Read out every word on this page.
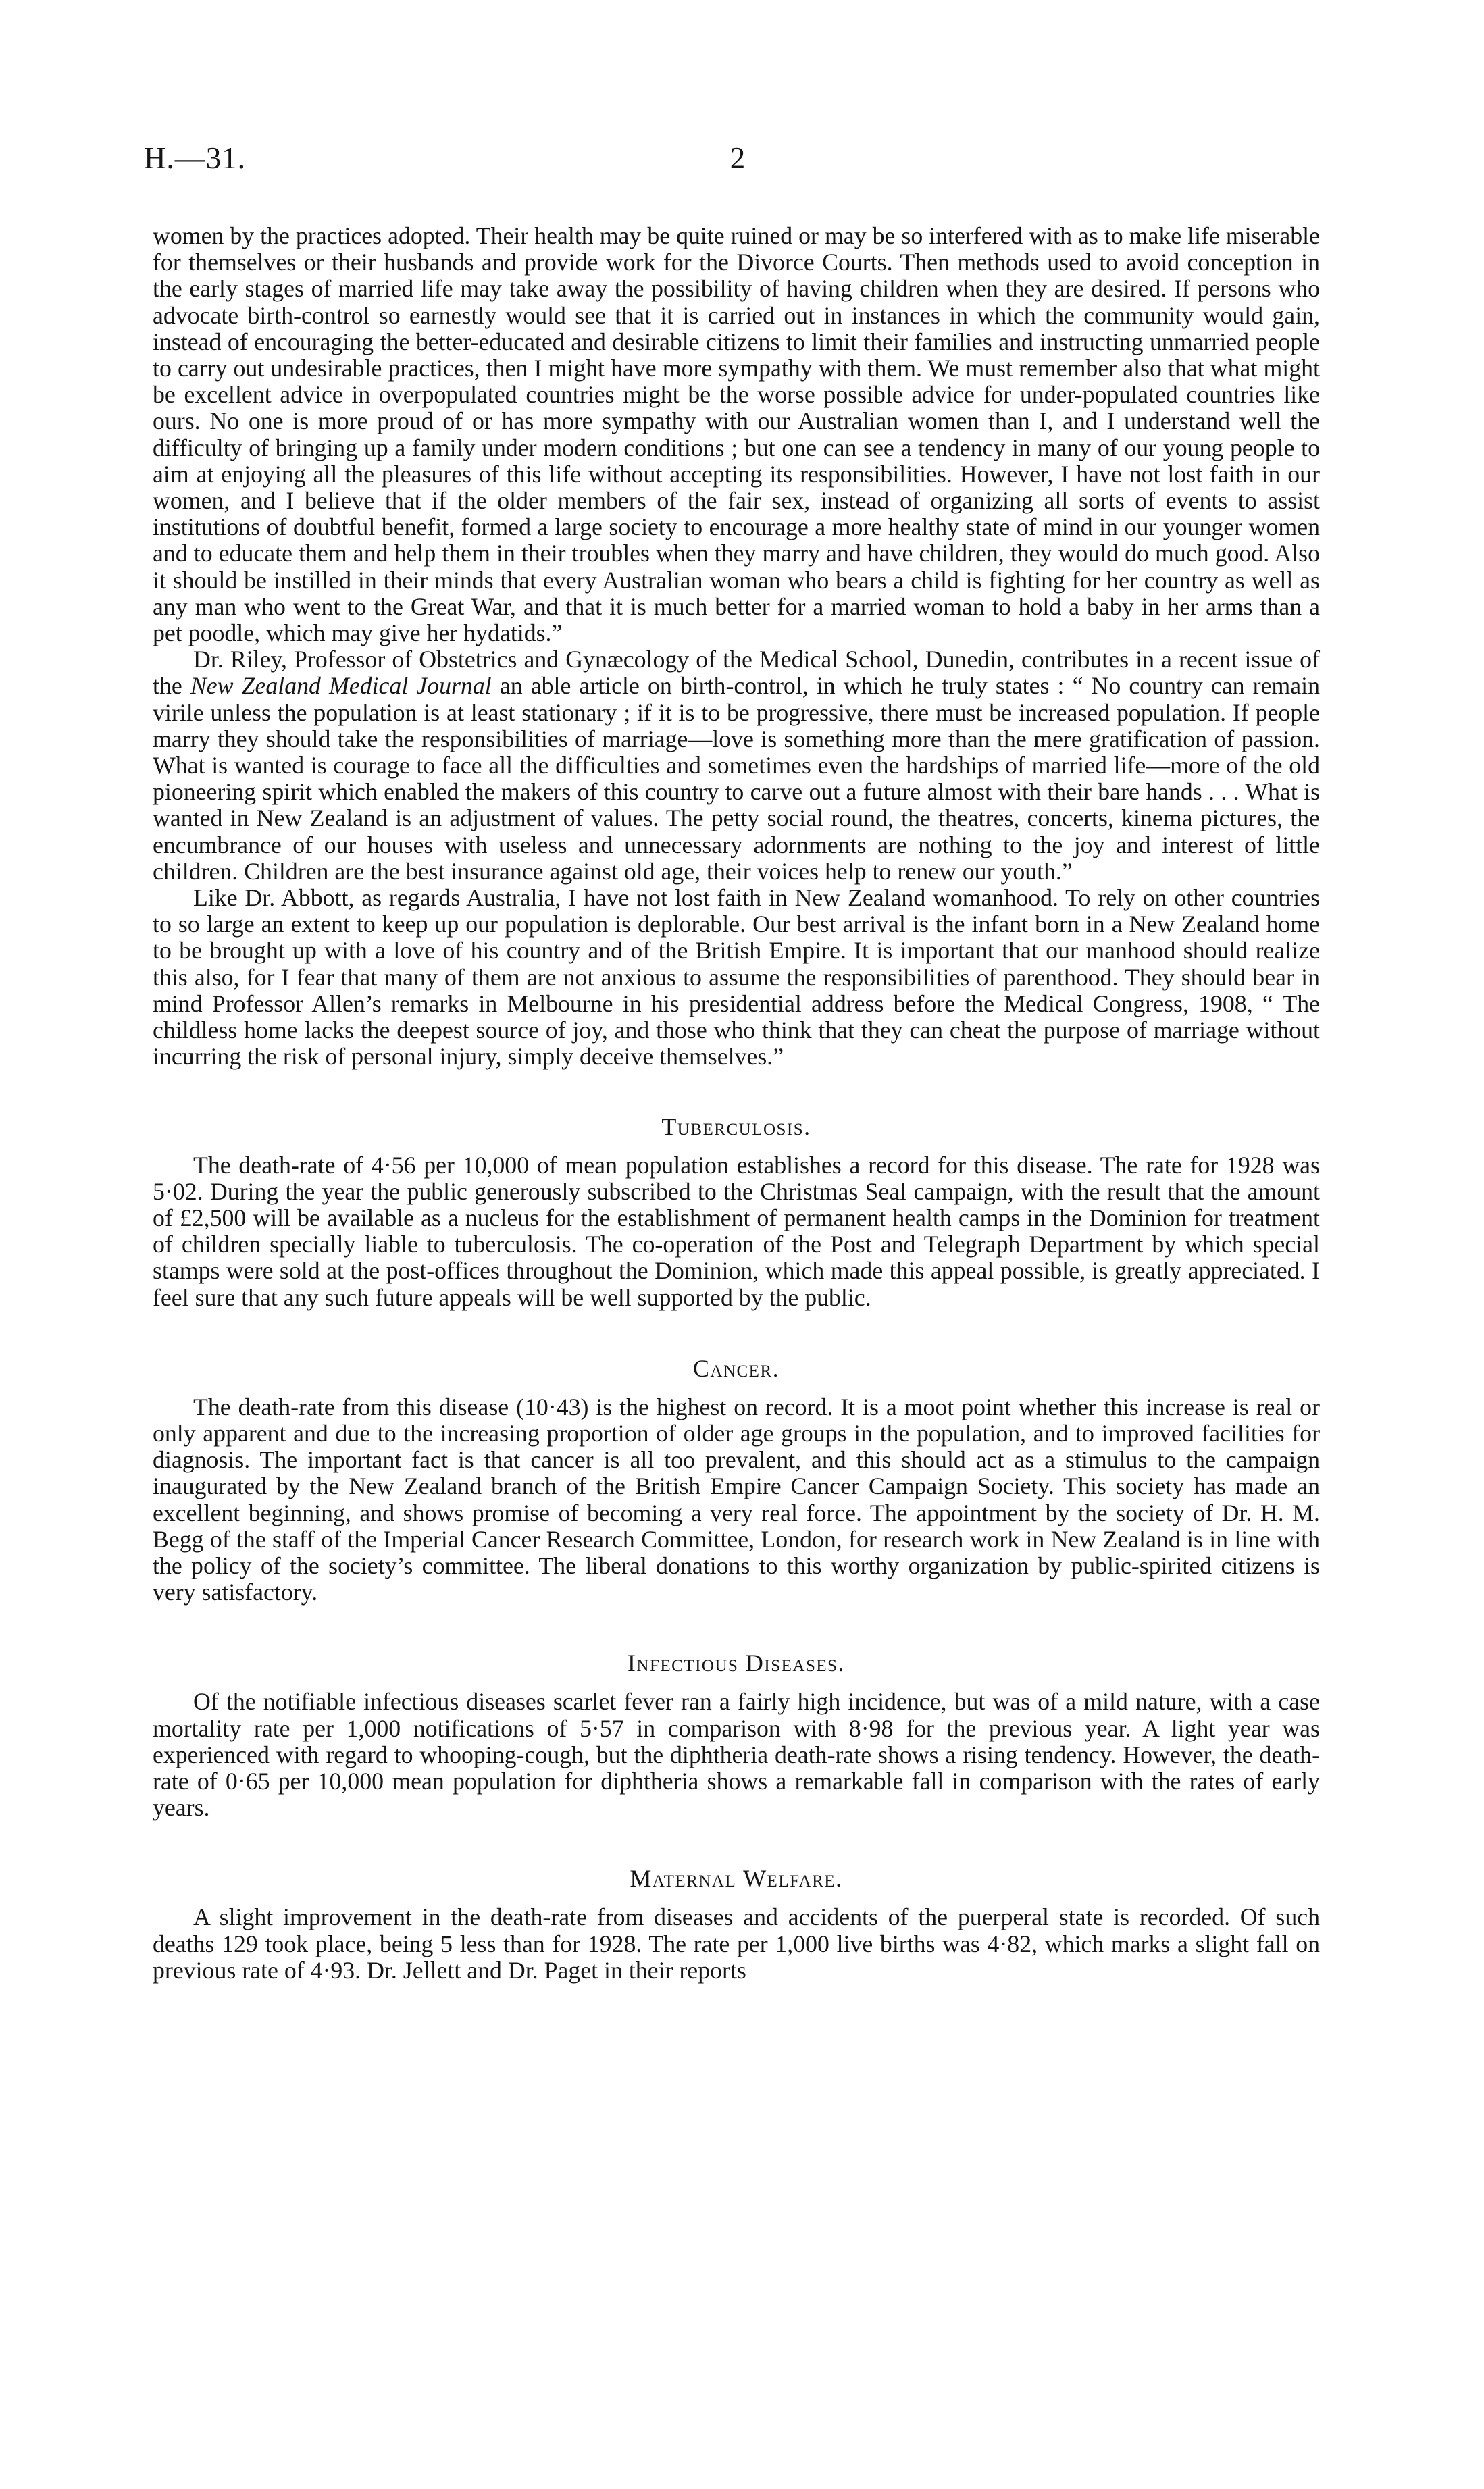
H.—31.	2

women by the practices adopted. Their health may be quite ruined or may be so interfered with as to make life miserable for themselves or their husbands and provide work for the Divorce Courts. Then methods used to avoid conception in the early stages of married life may take away the possibility of having children when they are desired. If persons who advocate birth-control so earnestly would see that it is carried out in instances in which the community would gain, instead of encouraging the better-educated and desirable citizens to limit their families and instructing unmarried people to carry out undesirable practices, then I might have more sympathy with them. We must remember also that what might be excellent advice in overpopulated countries might be the worse possible advice for under-populated countries like ours. No one is more proud of or has more sympathy with our Australian women than I, and I understand well the difficulty of bringing up a family under modern conditions ; but one can see a tendency in many of our young people to aim at enjoying all the pleasures of this life without accepting its responsibilities. However, I have not lost faith in our women, and I believe that if the older members of the fair sex, instead of organizing all sorts of events to assist institutions of doubtful benefit, formed a large society to encourage a more healthy state of mind in our younger women and to educate them and help them in their troubles when they marry and have children, they would do much good. Also it should be instilled in their minds that every Australian woman who bears a child is fighting for her country as well as any man who went to the Great War, and that it is much better for a married woman to hold a baby in her arms than a pet poodle, which may give her hydatids.”

Dr. Riley, Professor of Obstetrics and Gynæcology of the Medical School, Dunedin, contributes in a recent issue of the New Zealand Medical Journal an able article on birth-control, in which he truly states : “ No country can remain virile unless the population is at least stationary ; if it is to be progressive, there must be increased population. If people marry they should take the responsibilities of marriage—love is something more than the mere gratification of passion. What is wanted is courage to face all the difficulties and sometimes even the hardships of married life—more of the old pioneering spirit which enabled the makers of this country to carve out a future almost with their bare hands . . . What is wanted in New Zealand is an adjustment of values. The petty social round, the theatres, concerts, kinema pictures, the encumbrance of our houses with useless and unnecessary adornments are nothing to the joy and interest of little children. Children are the best insurance against old age, their voices help to renew our youth.”

Like Dr. Abbott, as regards Australia, I have not lost faith in New Zealand womanhood. To rely on other countries to so large an extent to keep up our population is deplorable. Our best arrival is the infant born in a New Zealand home to be brought up with a love of his country and of the British Empire. It is important that our manhood should realize this also, for I fear that many of them are not anxious to assume the responsibilities of parenthood. They should bear in mind Professor Allen’s remarks in Melbourne in his presidential address before the Medical Congress, 1908, “ The childless home lacks the deepest source of joy, and those who think that they can cheat the purpose of marriage without incurring the risk of personal injury, simply deceive themselves.”

Tuberculosis.

The death-rate of 4·56 per 10,000 of mean population establishes a record for this disease. The rate for 1928 was 5·02. During the year the public generously subscribed to the Christmas Seal campaign, with the result that the amount of £2,500 will be available as a nucleus for the establishment of permanent health camps in the Dominion for treatment of children specially liable to tuberculosis. The co-operation of the Post and Telegraph Department by which special stamps were sold at the post-offices throughout the Dominion, which made this appeal possible, is greatly appreciated. I feel sure that any such future appeals will be well supported by the public.

Cancer.

The death-rate from this disease (10·43) is the highest on record. It is a moot point whether this increase is real or only apparent and due to the increasing proportion of older age groups in the population, and to improved facilities for diagnosis. The important fact is that cancer is all too prevalent, and this should act as a stimulus to the campaign inaugurated by the New Zealand branch of the British Empire Cancer Campaign Society. This society has made an excellent beginning, and shows promise of becoming a very real force. The appointment by the society of Dr. H. M. Begg of the staff of the Imperial Cancer Research Committee, London, for research work in New Zealand is in line with the policy of the society’s committee. The liberal donations to this worthy organization by public-spirited citizens is very satisfactory.

Infectious Diseases.

Of the notifiable infectious diseases scarlet fever ran a fairly high incidence, but was of a mild nature, with a case mortality rate per 1,000 notifications of 5·57 in comparison with 8·98 for the previous year. A light year was experienced with regard to whooping-cough, but the diphtheria death-rate shows a rising tendency. However, the death-rate of 0·65 per 10,000 mean population for diphtheria shows a remarkable fall in comparison with the rates of early years.

Maternal Welfare.

A slight improvement in the death-rate from diseases and accidents of the puerperal state is recorded. Of such deaths 129 took place, being 5 less than for 1928. The rate per 1,000 live births was 4·82, which marks a slight fall on previous rate of 4·93. Dr. Jellett and Dr. Paget in their reports
